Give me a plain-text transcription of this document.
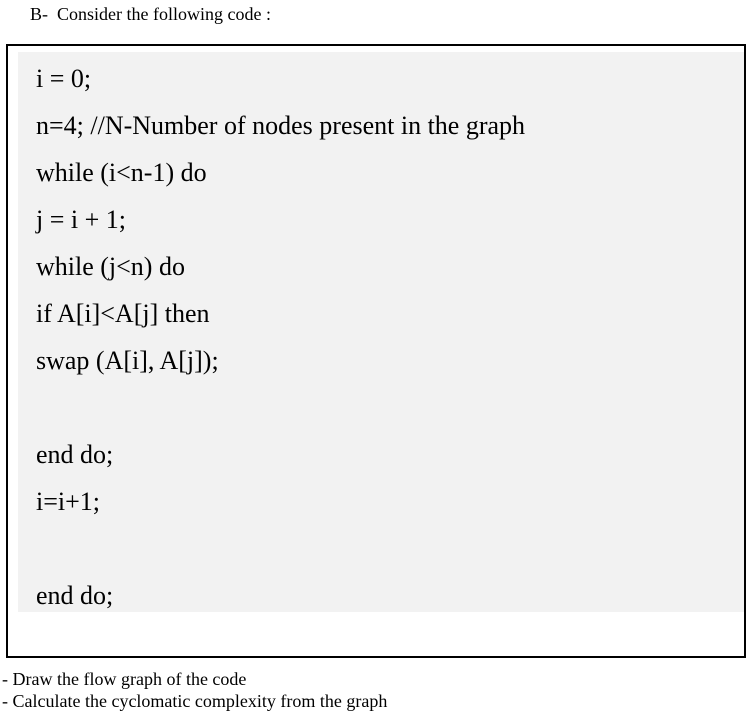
B-  Consider the following code :
i = 0;
n=4; //N-Number of nodes present in the graph
while (i<n-1) do
j = i + 1;
while (j<n) do
if A[i]<A[j] then
swap (A[i], A[j]);
end do;
i=i+1;
end do;
- Draw the flow graph of the code
- Calculate the cyclomatic complexity from the graph
